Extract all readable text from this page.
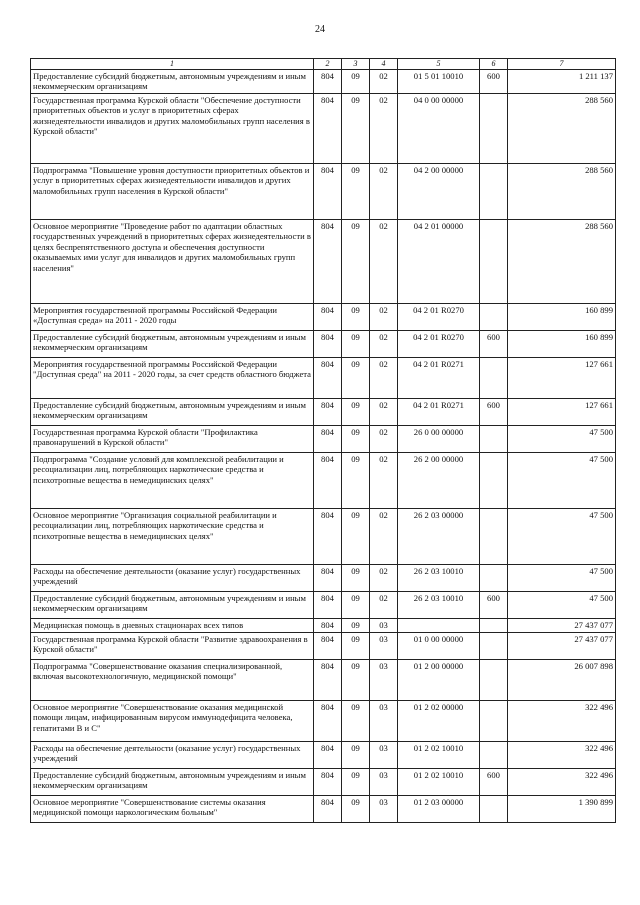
24
1	2	3	4	5	6	7
Предоставление субсидий бюджетным, автономным учреждениям и иным некоммерческим организациям	804	09	02	01 5 01 10010	600	1 211 137
Государственная программа Курской области "Обеспечение доступности приоритетных объектов и услуг в приоритетных сферах жизнедеятельности инвалидов и других маломобильных групп населения в Курской области"	804	09	02	04 0 00 00000		288 560
Подпрограмма "Повышение уровня доступности приоритетных объектов и услуг в приоритетных сферах жизнедеятельности инвалидов и других маломобильных групп населения в Курской области"	804	09	02	04 2 00 00000		288 560
Основное мероприятие "Проведение работ по адаптации областных государственных учреждений в приоритетных сферах жизнедеятельности в целях беспрепятственного доступа и обеспечения доступности оказываемых ими услуг для инвалидов и других маломобильных групп населения"	804	09	02	04 2 01 00000		288 560
Мероприятия государственной программы Российской Федерации «Доступная среда» на 2011 - 2020 годы	804	09	02	04 2 01 R0270		160 899
Предоставление субсидий бюджетным, автономным учреждениям и иным некоммерческим организациям	804	09	02	04 2 01 R0270	600	160 899
Мероприятия государственной программы Российской Федерации "Доступная среда" на 2011 - 2020 годы, за счет средств областного бюджета	804	09	02	04 2 01 R0271		127 661
Предоставление субсидий бюджетным, автономным учреждениям и иным некоммерческим организациям	804	09	02	04 2 01 R0271	600	127 661
Государственная программа Курской области "Профилактика правонарушений в Курской области"	804	09	02	26 0 00 00000		47 500
Подпрограмма "Создание условий для комплексной реабилитации и ресоциализации лиц, потребляющих наркотические средства и психотропные вещества в немедицинских целях"	804	09	02	26 2 00 00000		47 500
Основное мероприятие "Организация социальной реабилитации и ресоциализации лиц, потребляющих наркотические средства и психотропные вещества в немедицинских целях"	804	09	02	26 2 03 00000		47 500
Расходы на обеспечение деятельности (оказание услуг) государственных учреждений	804	09	02	26 2 03 10010		47 500
Предоставление субсидий бюджетным, автономным учреждениям и иным некоммерческим организациям	804	09	02	26 2 03 10010	600	47 500
Медицинская помощь в дневных стационарах всех типов	804	09	03			27 437 077
Государственная программа Курской области "Развитие здравоохранения в Курской области"	804	09	03	01 0 00 00000		27 437 077
Подпрограмма "Совершенствование оказания специализированной, включая высокотехнологичную, медицинской помощи"	804	09	03	01 2 00 00000		26 007 898
Основное мероприятие "Совершенствование оказания медицинской помощи лицам, инфицированным вирусом иммунодефицита человека, гепатитами В и С"	804	09	03	01 2 02 00000		322 496
Расходы на обеспечение деятельности (оказание услуг) государственных учреждений	804	09	03	01 2 02 10010		322 496
Предоставление субсидий бюджетным, автономным учреждениям и иным некоммерческим организациям	804	09	03	01 2 02 10010	600	322 496
Основное мероприятие "Совершенствование системы оказания медицинской помощи наркологическим больным"	804	09	03	01 2 03 00000		1 390 899
